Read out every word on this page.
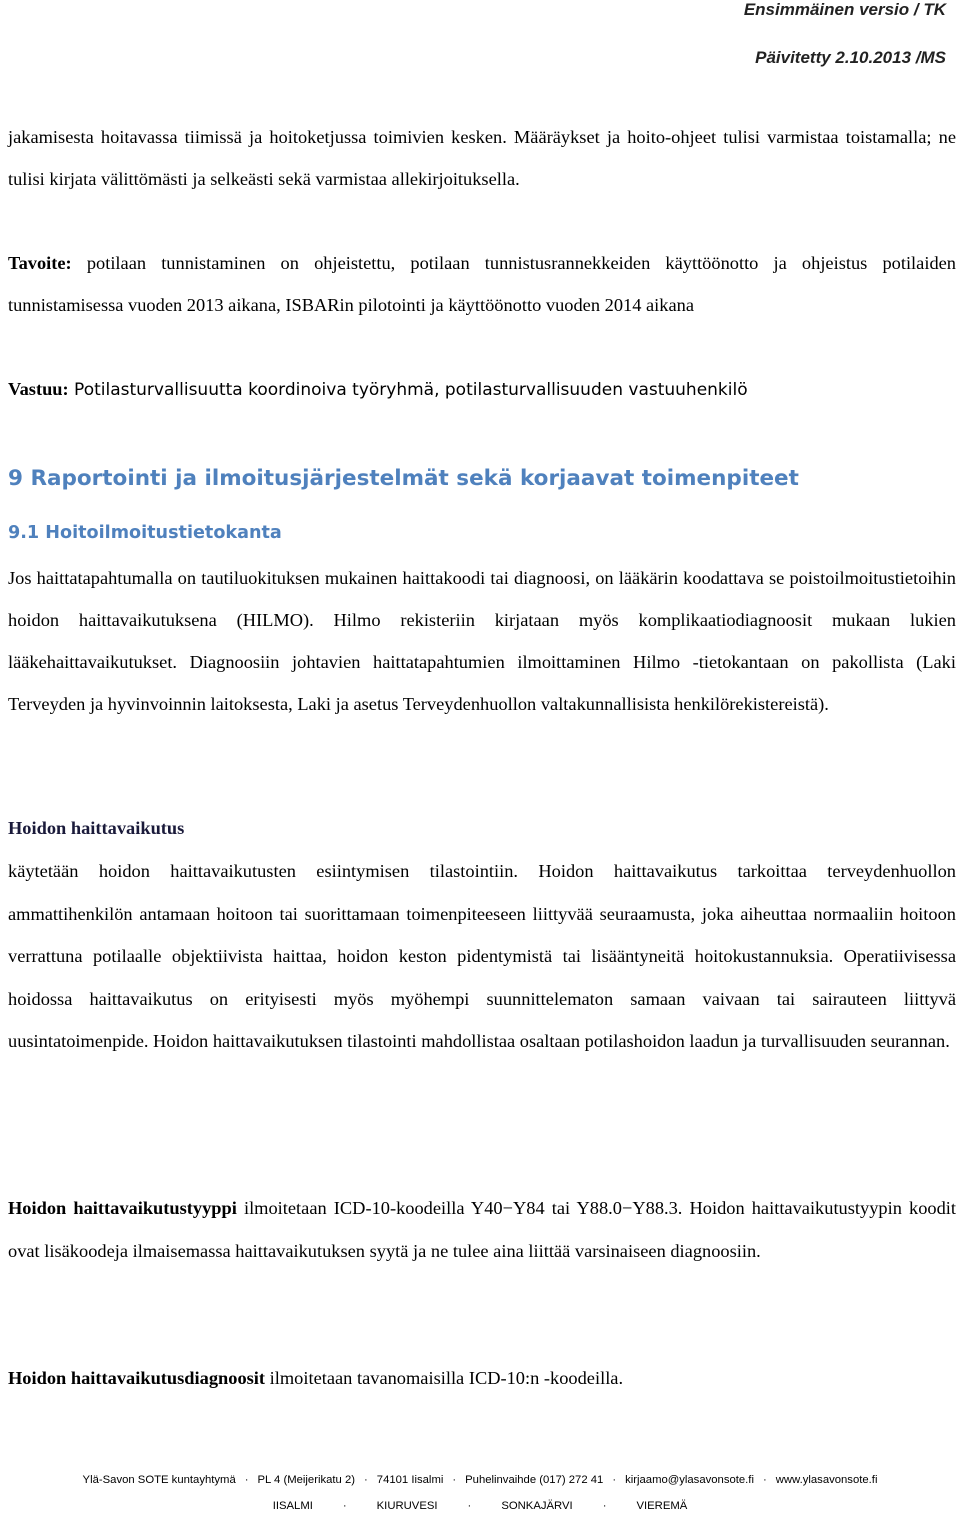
Ensimmäinen versio / TK
Päivitetty 2.10.2013 /MS

jakamisesta hoitavassa tiimissä ja hoitoketjussa toimivien kesken. Määräykset ja hoito-ohjeet tulisi varmistaa toistamalla; ne tulisi kirjata välittömästi ja selkeästi sekä varmistaa allekirjoituksella.

Tavoite: potilaan tunnistaminen on ohjeistettu, potilaan tunnistusrannekkeiden käyttöönotto ja ohjeistus potilaiden tunnistamisessa vuoden 2013 aikana, ISBARin pilotointi ja käyttöönotto vuoden 2014 aikana

Vastuu: Potilasturvallisuutta koordinoiva työryhmä, potilasturvallisuuden vastuuhenkilö

9 Raportointi ja ilmoitusjärjestelmät sekä korjaavat toimenpiteet
9.1 Hoitoilmoitustietokanta

Jos haittatapahtumalla on tautiluokituksen mukainen haittakoodi tai diagnoosi, on lääkärin koodattava se poistoilmoitustietoihin hoidon haittavaikutuksena (HILMO). Hilmo rekisteriin kirjataan myös komplikaatiodiagnoosit mukaan lukien lääkehaittavaikutukset. Diagnoosiin johtavien haittatapahtumien ilmoittaminen Hilmo -tietokantaan on pakollista (Laki Terveyden ja hyvinvoinnin laitoksesta, Laki ja asetus Terveydenhuollon valtakunnallisista henkilörekistereistä).

Hoidon haittavaikutus

käytetään hoidon haittavaikutusten esiintymisen tilastointiin. Hoidon haittavaikutus tarkoittaa terveydenhuollon ammattihenkilön antamaan hoitoon tai suorittamaan toimenpiteeseen liittyvää seuraamusta, joka aiheuttaa normaaliin hoitoon verrattuna potilaalle objektiivista haittaa, hoidon keston pidentymistä tai lisääntyneitä hoitokustannuksia. Operatiivisessa hoidossa haittavaikutus on erityisesti myös myöhempi suunnittelematon samaan vaivaan tai sairauteen liittyvä uusintatoimenpide. Hoidon haittavaikutuksen tilastointi mahdollistaa osaltaan potilashoidon laadun ja turvallisuuden seurannan.

Hoidon haittavaikutustyyppi ilmoitetaan ICD-10-koodeilla Y40−Y84 tai Y88.0−Y88.3. Hoidon haittavaikutustyypin koodit ovat lisäkoodeja ilmaisemassa haittavaikutuksen syytä ja ne tulee aina liittää varsinaiseen diagnoosiin.

Hoidon haittavaikutusdiagnoosit ilmoitetaan tavanomaisilla ICD-10:n -koodeilla.

Ylä-Savon SOTE kuntayhtymä · PL 4 (Meijerikatu 2) · 74101 Iisalmi · Puhelinvaihde (017) 272 41 · kirjaamo@ylasavonsote.fi · www.ylasavonsote.fi
IISALMI	·	KIURUVESI	·	SONKAJÄRVI	·	VIEREMÄ
